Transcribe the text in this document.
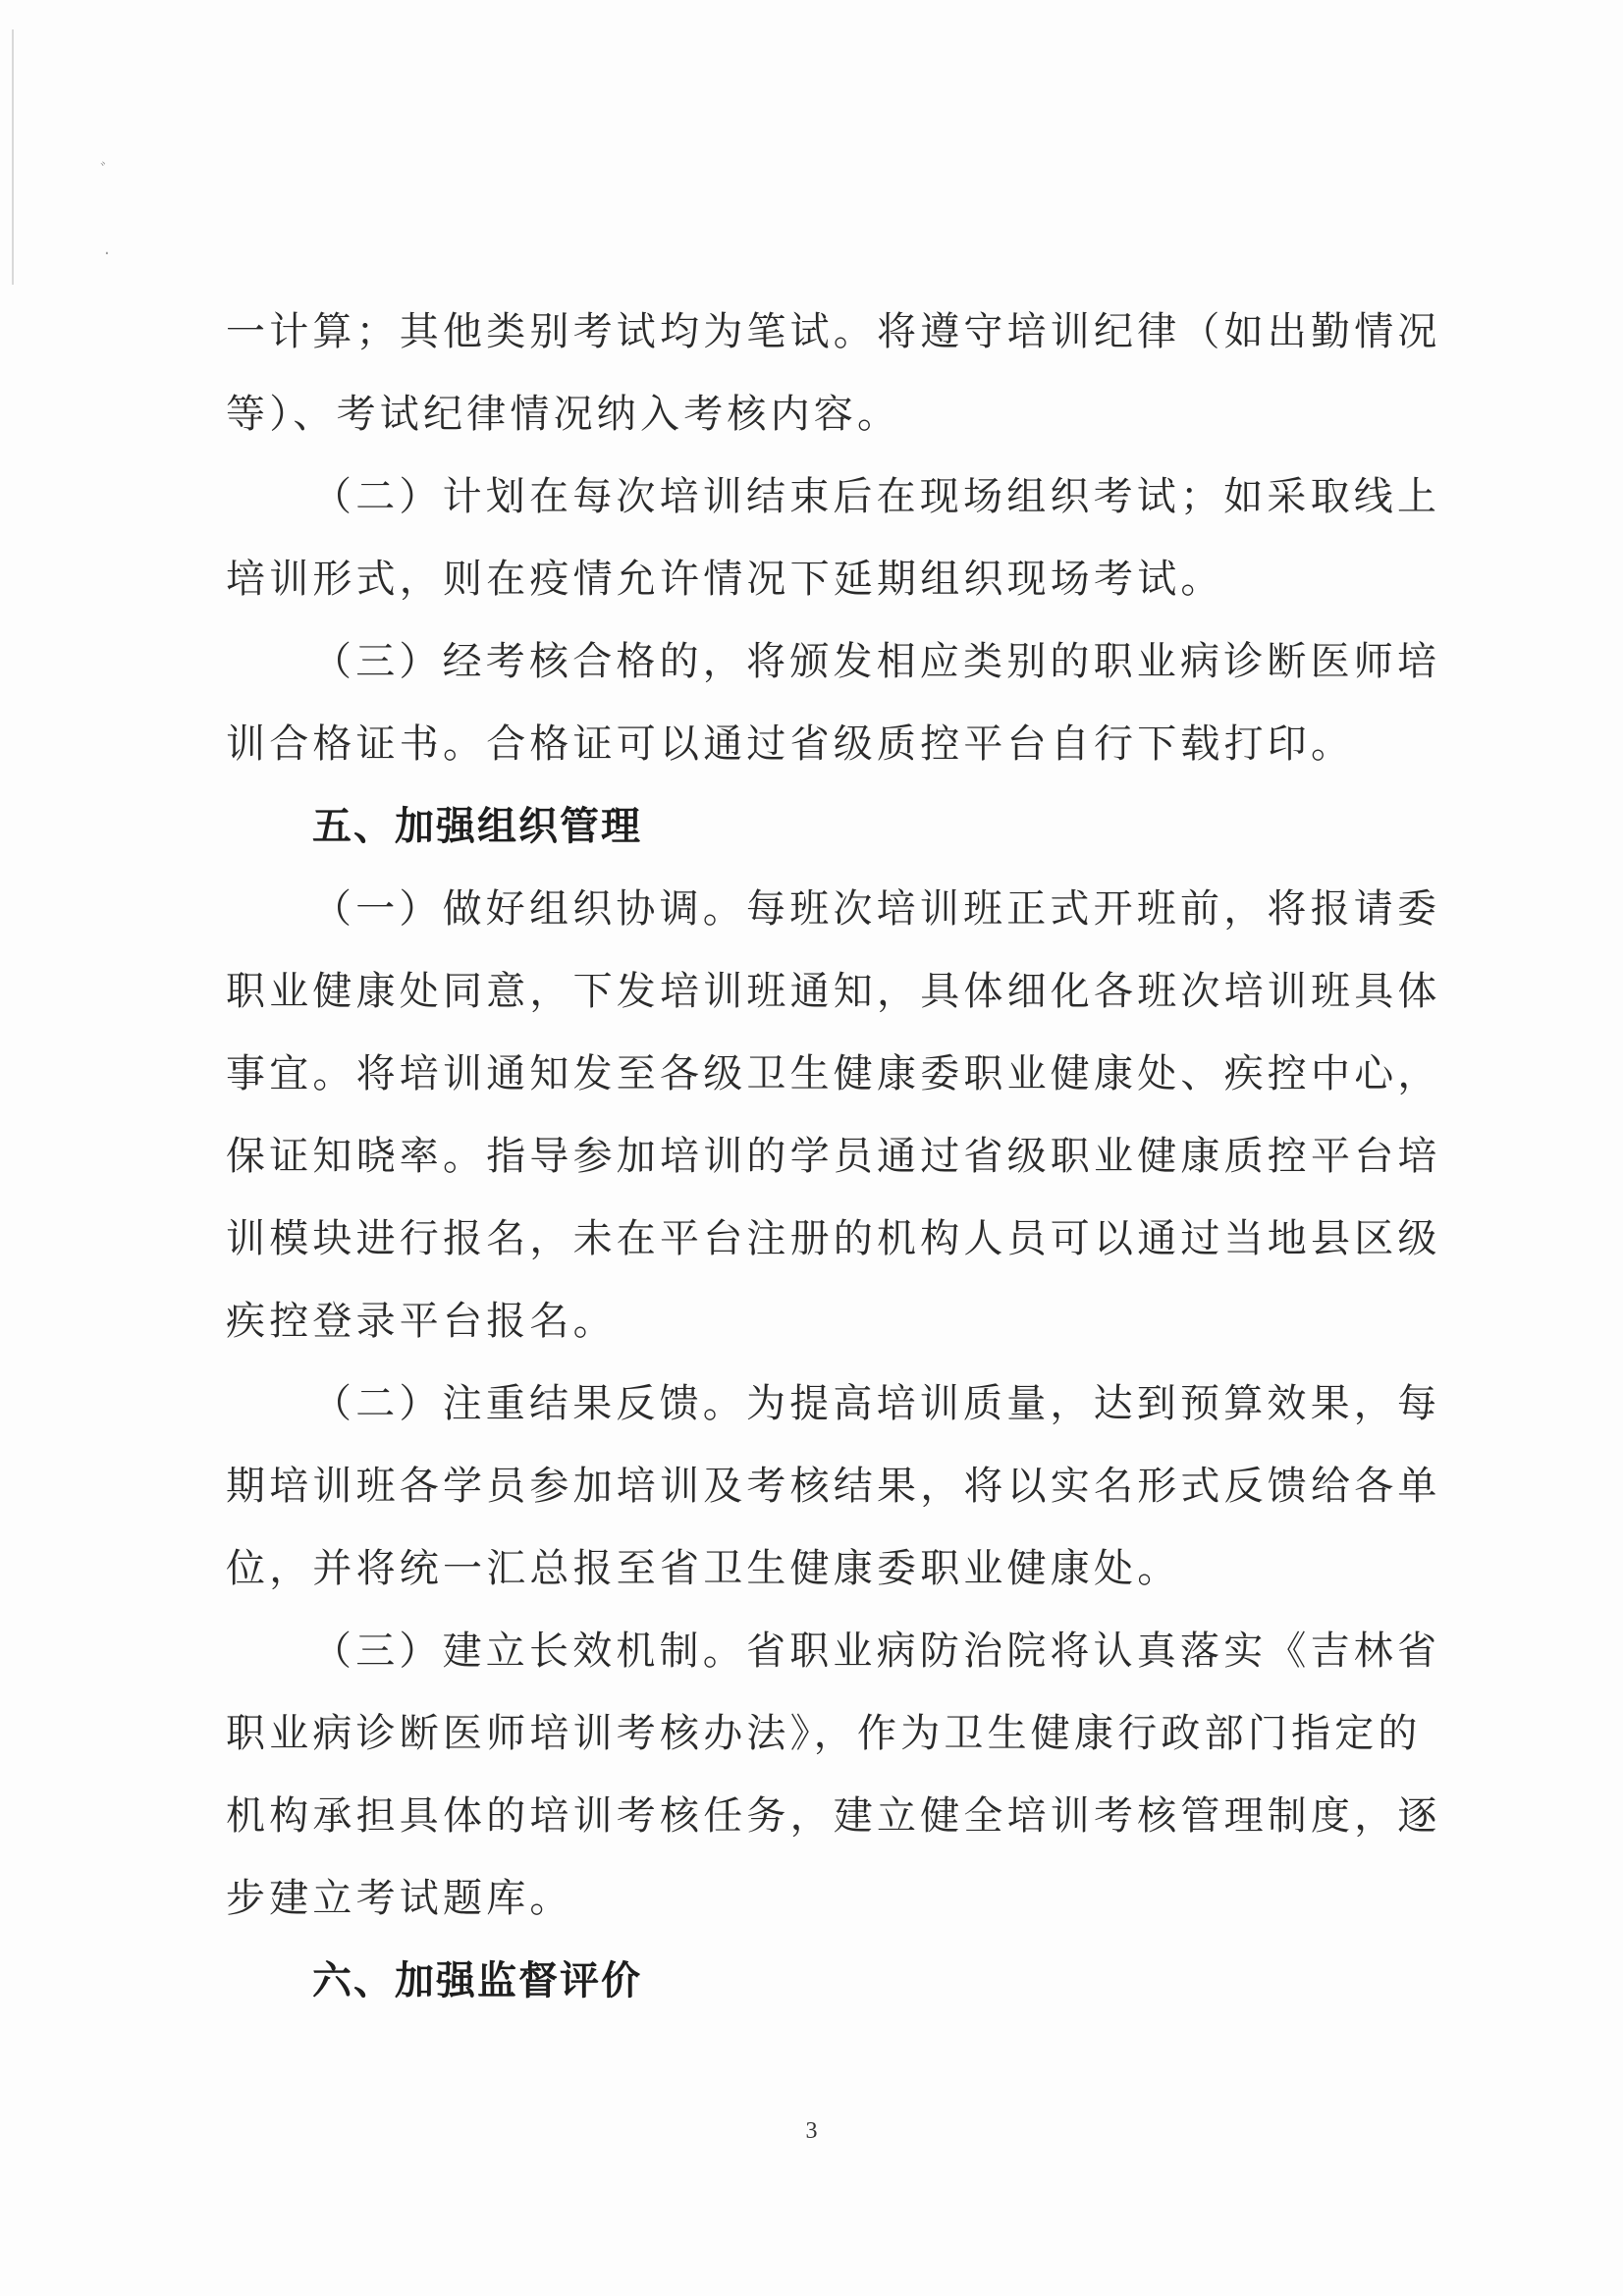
ﾞ
·

一计算；其他类别考试均为笔试。将遵守培训纪律（如出勤情况

等）、考试纪律情况纳入考核内容。

（二）计划在每次培训结束后在现场组织考试；如采取线上

培训形式，则在疫情允许情况下延期组织现场考试。

（三）经考核合格的，将颁发相应类别的职业病诊断医师培

训合格证书。合格证可以通过省级质控平台自行下载打印。

五、加强组织管理

（一）做好组织协调。每班次培训班正式开班前，将报请委

职业健康处同意，下发培训班通知，具体细化各班次培训班具体

事宜。将培训通知发至各级卫生健康委职业健康处、疾控中心，

保证知晓率。指导参加培训的学员通过省级职业健康质控平台培

训模块进行报名，未在平台注册的机构人员可以通过当地县区级

疾控登录平台报名。

（二）注重结果反馈。为提高培训质量，达到预算效果，每

期培训班各学员参加培训及考核结果，将以实名形式反馈给各单

位，并将统一汇总报至省卫生健康委职业健康处。

（三）建立长效机制。省职业病防治院将认真落实《吉林省

职业病诊断医师培训考核办法》，作为卫生健康行政部门指定的

机构承担具体的培训考核任务，建立健全培训考核管理制度，逐

步建立考试题库。

六、加强监督评价

3
